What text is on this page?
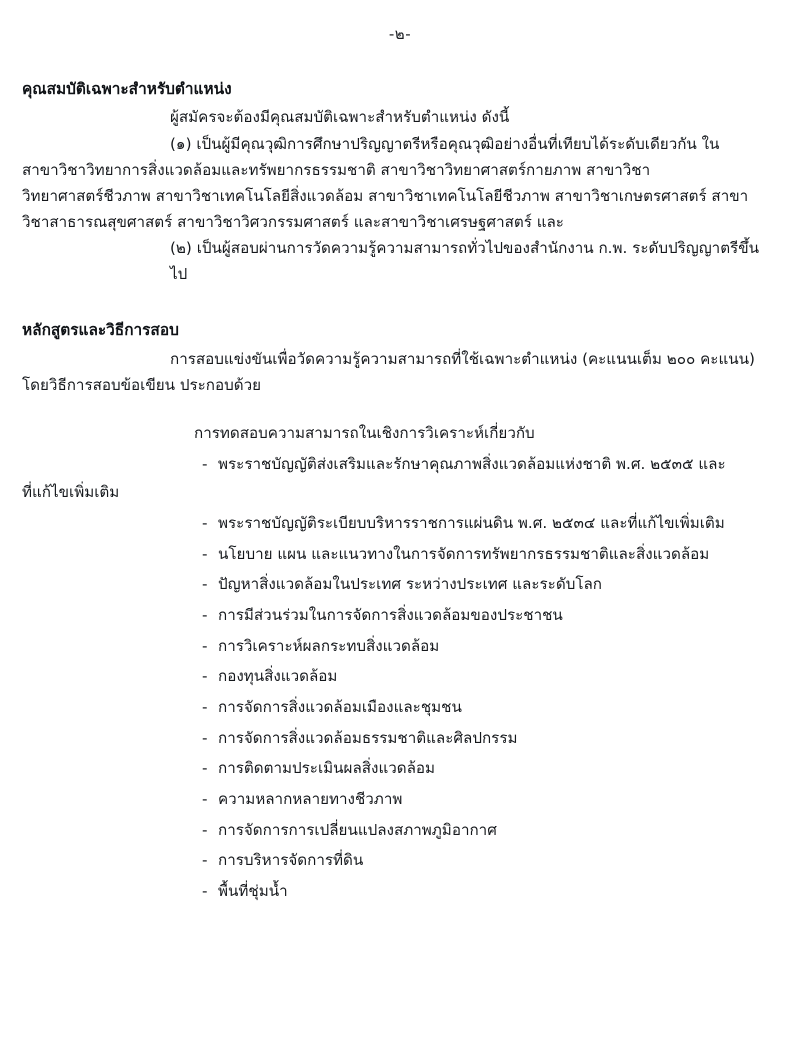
-๒-
คุณสมบัติเฉพาะสำหรับตำแหน่ง
ผู้สมัครจะต้องมีคุณสมบัติเฉพาะสำหรับตำแหน่ง ดังนี้
(๑) เป็นผู้มีคุณวุฒิการศึกษาปริญญาตรีหรือคุณวุฒิอย่างอื่นที่เทียบได้ระดับเดียวกัน ใน
สาขาวิชาวิทยาการสิ่งแวดล้อมและทรัพยากรธรรมชาติ สาขาวิชาวิทยาศาสตร์กายภาพ สาขาวิชาวิทยาศาสตร์ชีวภาพ สาขาวิชาเทคโนโลยีสิ่งแวดล้อม สาขาวิชาเทคโนโลยีชีวภาพ สาขาวิชาเกษตรศาสตร์ สาขาวิชาสาธารณสุขศาสตร์ สาขาวิชาวิศวกรรมศาสตร์ และสาขาวิชาเศรษฐศาสตร์ และ
(๒) เป็นผู้สอบผ่านการวัดความรู้ความสามารถทั่วไปของสำนักงาน ก.พ. ระดับปริญญาตรีขึ้นไป
หลักสูตรและวิธีการสอบ
การสอบแข่งขันเพื่อวัดความรู้ความสามารถที่ใช้เฉพาะตำแหน่ง (คะแนนเต็ม ๒๐๐ คะแนน)
โดยวิธีการสอบข้อเขียน ประกอบด้วย
การทดสอบความสามารถในเชิงการวิเคราะห์เกี่ยวกับ
- พระราชบัญญัติส่งเสริมและรักษาคุณภาพสิ่งแวดล้อมแห่งชาติ พ.ศ. ๒๕๓๕ และ
ที่แก้ไขเพิ่มเติม
- พระราชบัญญัติระเบียบบริหารราชการแผ่นดิน พ.ศ. ๒๕๓๔ และที่แก้ไขเพิ่มเติม
- นโยบาย แผน และแนวทางในการจัดการทรัพยากรธรรมชาติและสิ่งแวดล้อม
- ปัญหาสิ่งแวดล้อมในประเทศ ระหว่างประเทศ และระดับโลก
- การมีส่วนร่วมในการจัดการสิ่งแวดล้อมของประชาชน
- การวิเคราะห์ผลกระทบสิ่งแวดล้อม
- กองทุนสิ่งแวดล้อม
- การจัดการสิ่งแวดล้อมเมืองและชุมชน
- การจัดการสิ่งแวดล้อมธรรมชาติและศิลปกรรม
- การติดตามประเมินผลสิ่งแวดล้อม
- ความหลากหลายทางชีวภาพ
- การจัดการการเปลี่ยนแปลงสภาพภูมิอากาศ
- การบริหารจัดการที่ดิน
- พื้นที่ชุ่มน้ำ
